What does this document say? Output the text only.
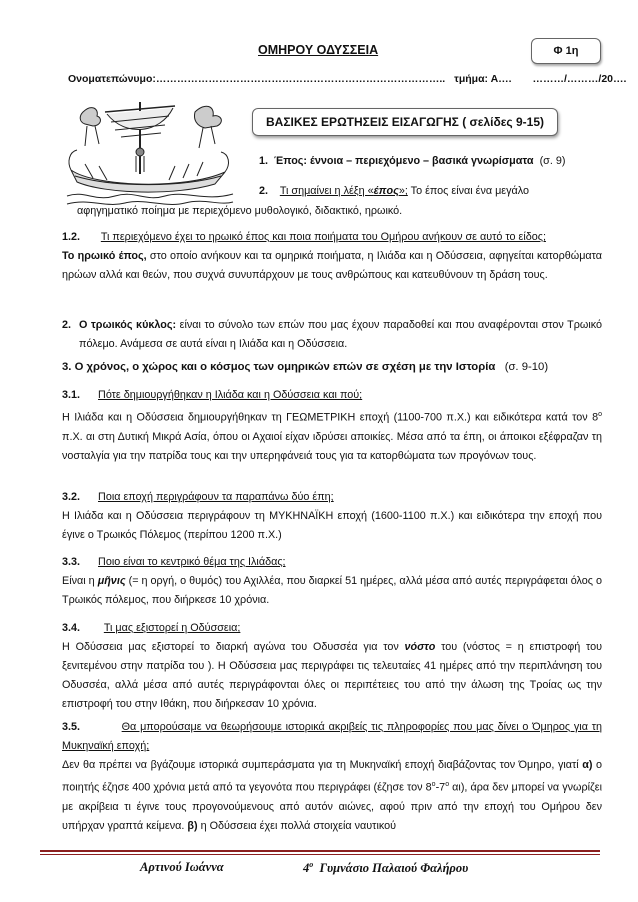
ΟΜΗΡΟΥ ΟΔΥΣΣΕΙΑ	Φ 1η
Ονοματεπώνυμο:……………………………………………………………………….. τμήμα: Α…. ………/………/20….
ΒΑΣΙΚΕΣ ΕΡΩΤΗΣΕΙΣ ΕΙΣΑΓΩΓΗΣ ( σελίδες 9-15)
1. Έπος: έννοια – περιεχόμενο – βασικά γνωρίσματα (σ. 9)
2. Τι σημαίνει η λέξη «έπος»; Το έπος είναι ένα μεγάλο
αφηγηματικό ποίημα με περιεχόμενο μυθολογικό, διδακτικό, ηρωικό.
1.2. Τι περιεχόμενο έχει το ηρωικό έπος και ποια ποιήματα του Ομήρου ανήκουν σε αυτό το είδος;
Το ηρωικό έπος, στο οποίο ανήκουν και τα ομηρικά ποιήματα, η Ιλιάδα και η Οδύσσεια, αφηγείται κατορθώματα ηρώων αλλά και θεών, που συχνά συνυπάρχουν με τους ανθρώπους και κατευθύνουν τη δράση τους.
2. Ο τρωικός κύκλος: είναι το σύνολο των επών που μας έχουν παραδοθεί και που αναφέρονται στον Τρωικό πόλεμο. Ανάμεσα σε αυτά είναι η Ιλιάδα και η Οδύσσεια.
3. Ο χρόνος, ο χώρος και ο κόσμος των ομηρικών επών σε σχέση με την Ιστορία (σ. 9-10)
3.1. Πότε δημιουργήθηκαν η Ιλιάδα και η Οδύσσεια και πού;
Η Ιλιάδα και η Οδύσσεια δημιουργήθηκαν τη ΓΕΩΜΕΤΡΙΚΗ εποχή (1100-700 π.Χ.) και ειδικότερα κατά τον $8^o$ π.Χ. αι στη Δυτική Μικρά Ασία, όπου οι Αχαιοί είχαν ιδρύσει αποικίες. Μέσα από τα έπη, οι άποικοι εξέφραζαν τη νοσταλγία για την πατρίδα τους και την υπερηφάνειά τους για τα κατορθώματα των προγόνων τους.
3.2. Ποια εποχή περιγράφουν τα παραπάνω δύο έπη;
Η Ιλιάδα και η Οδύσσεια περιγράφουν τη ΜΥΚΗΝΑΪΚΗ εποχή (1600-1100 π.Χ.) και ειδικότερα την εποχή που έγινε ο Τρωικός Πόλεμος (περίπου 1200 π.Χ.)
3.3. Ποιο είναι το κεντρικό θέμα της Ιλιάδας;
Είναι η μῆνις (= η οργή, ο θυμός) του Αχιλλέα, που διαρκεί 51 ημέρες, αλλά μέσα από αυτές περιγράφεται όλος ο Τρωικός πόλεμος, που διήρκεσε 10 χρόνια.
3.4. Τι μας εξιστορεί η Οδύσσεια;
Η Οδύσσεια μας εξιστορεί το διαρκή αγώνα του Οδυσσέα για τον νόστο του (νόστος = η επιστροφή του ξενιτεμένου στην πατρίδα του ). Η Οδύσσεια μας περιγράφει τις τελευταίες 41 ημέρες από την περιπλάνηση του Οδυσσέα, αλλά μέσα από αυτές περιγράφονται όλες οι περιπέτειες του από την άλωση της Τροίας ως την επιστροφή του στην Ιθάκη, που διήρκεσαν 10 χρόνια.
3.5.	Θα μπορούσαμε να θεωρήσουμε ιστορικά ακριβείς τις πληροφορίες που μας δίνει ο Όμηρος για τη Μυκηναϊκή εποχή;
Δεν θα πρέπει να βγάζουμε ιστορικά συμπεράσματα για τη Μυκηναϊκή εποχή διαβάζοντας τον Όμηρο, γιατί α) ο ποιητής έζησε 400 χρόνια μετά από τα γεγονότα που περιγράφει (έζησε τον $8^o-7^o$ αι), άρα δεν μπορεί να γνωρίζει με ακρίβεια τι έγινε τους προγονούμενους από αυτόν αιώνες, αφού πριν από την εποχή του Ομήρου δεν υπήρχαν γραπτά κείμενα. β) η Οδύσσεια έχει πολλά στοιχεία ναυτικού
Αρτινού Ιωάννα	$4^o$ Γυμνάσιο Παλαιού Φαλήρου
